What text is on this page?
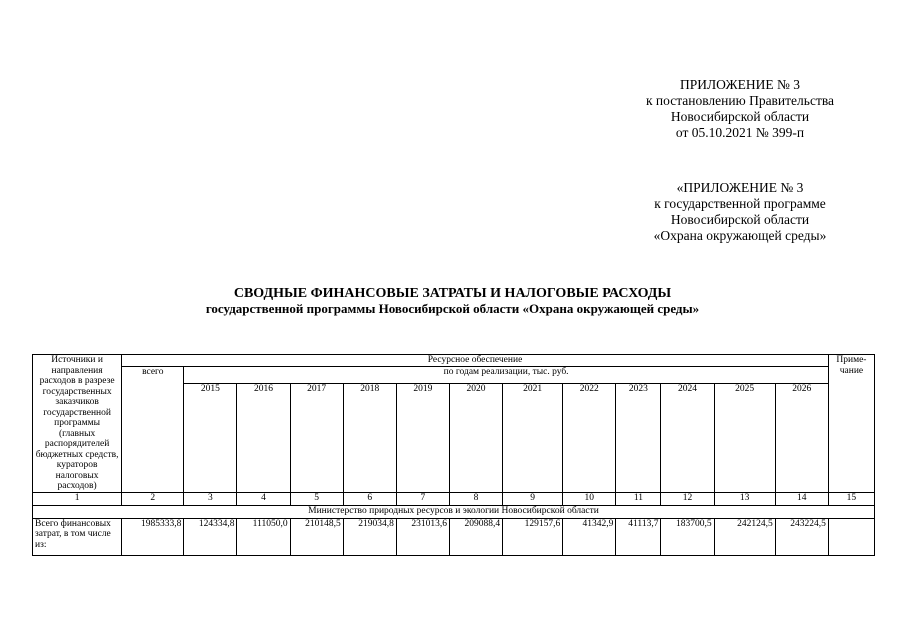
ПРИЛОЖЕНИЕ № 3
к постановлению Правительства
Новосибирской области
от 05.10.2021 № 399-п
«ПРИЛОЖЕНИЕ № 3
к государственной программе
Новосибирской области
«Охрана окружающей среды»
СВОДНЫЕ ФИНАНСОВЫЕ ЗАТРАТЫ И НАЛОГОВЫЕ РАСХОДЫ
государственной программы Новосибирской области «Охрана окружающей среды»
Источники и направления расходов в разрезе государственных заказчиков государственной программы (главных распорядителей бюджетных средств, кураторов налоговых расходов)	Ресурсное обеспечение													Приме-чание
	всего	по годам реализации, тыс. руб.												
		2015	2016	2017	2018	2019	2020	2021	2022	2023	2024	2025	2026	
1	2	3	4	5	6	7	8	9	10	11	12	13	14	15
Министерство природных ресурсов и экологии Новосибирской области														
Всего финансовых затрат, в том числе из:	1985333,8	124334,8	111050,0	210148,5	219034,8	231013,6	209088,4	129157,6	41342,9	41113,7	183700,5	242124,5	243224,5	
